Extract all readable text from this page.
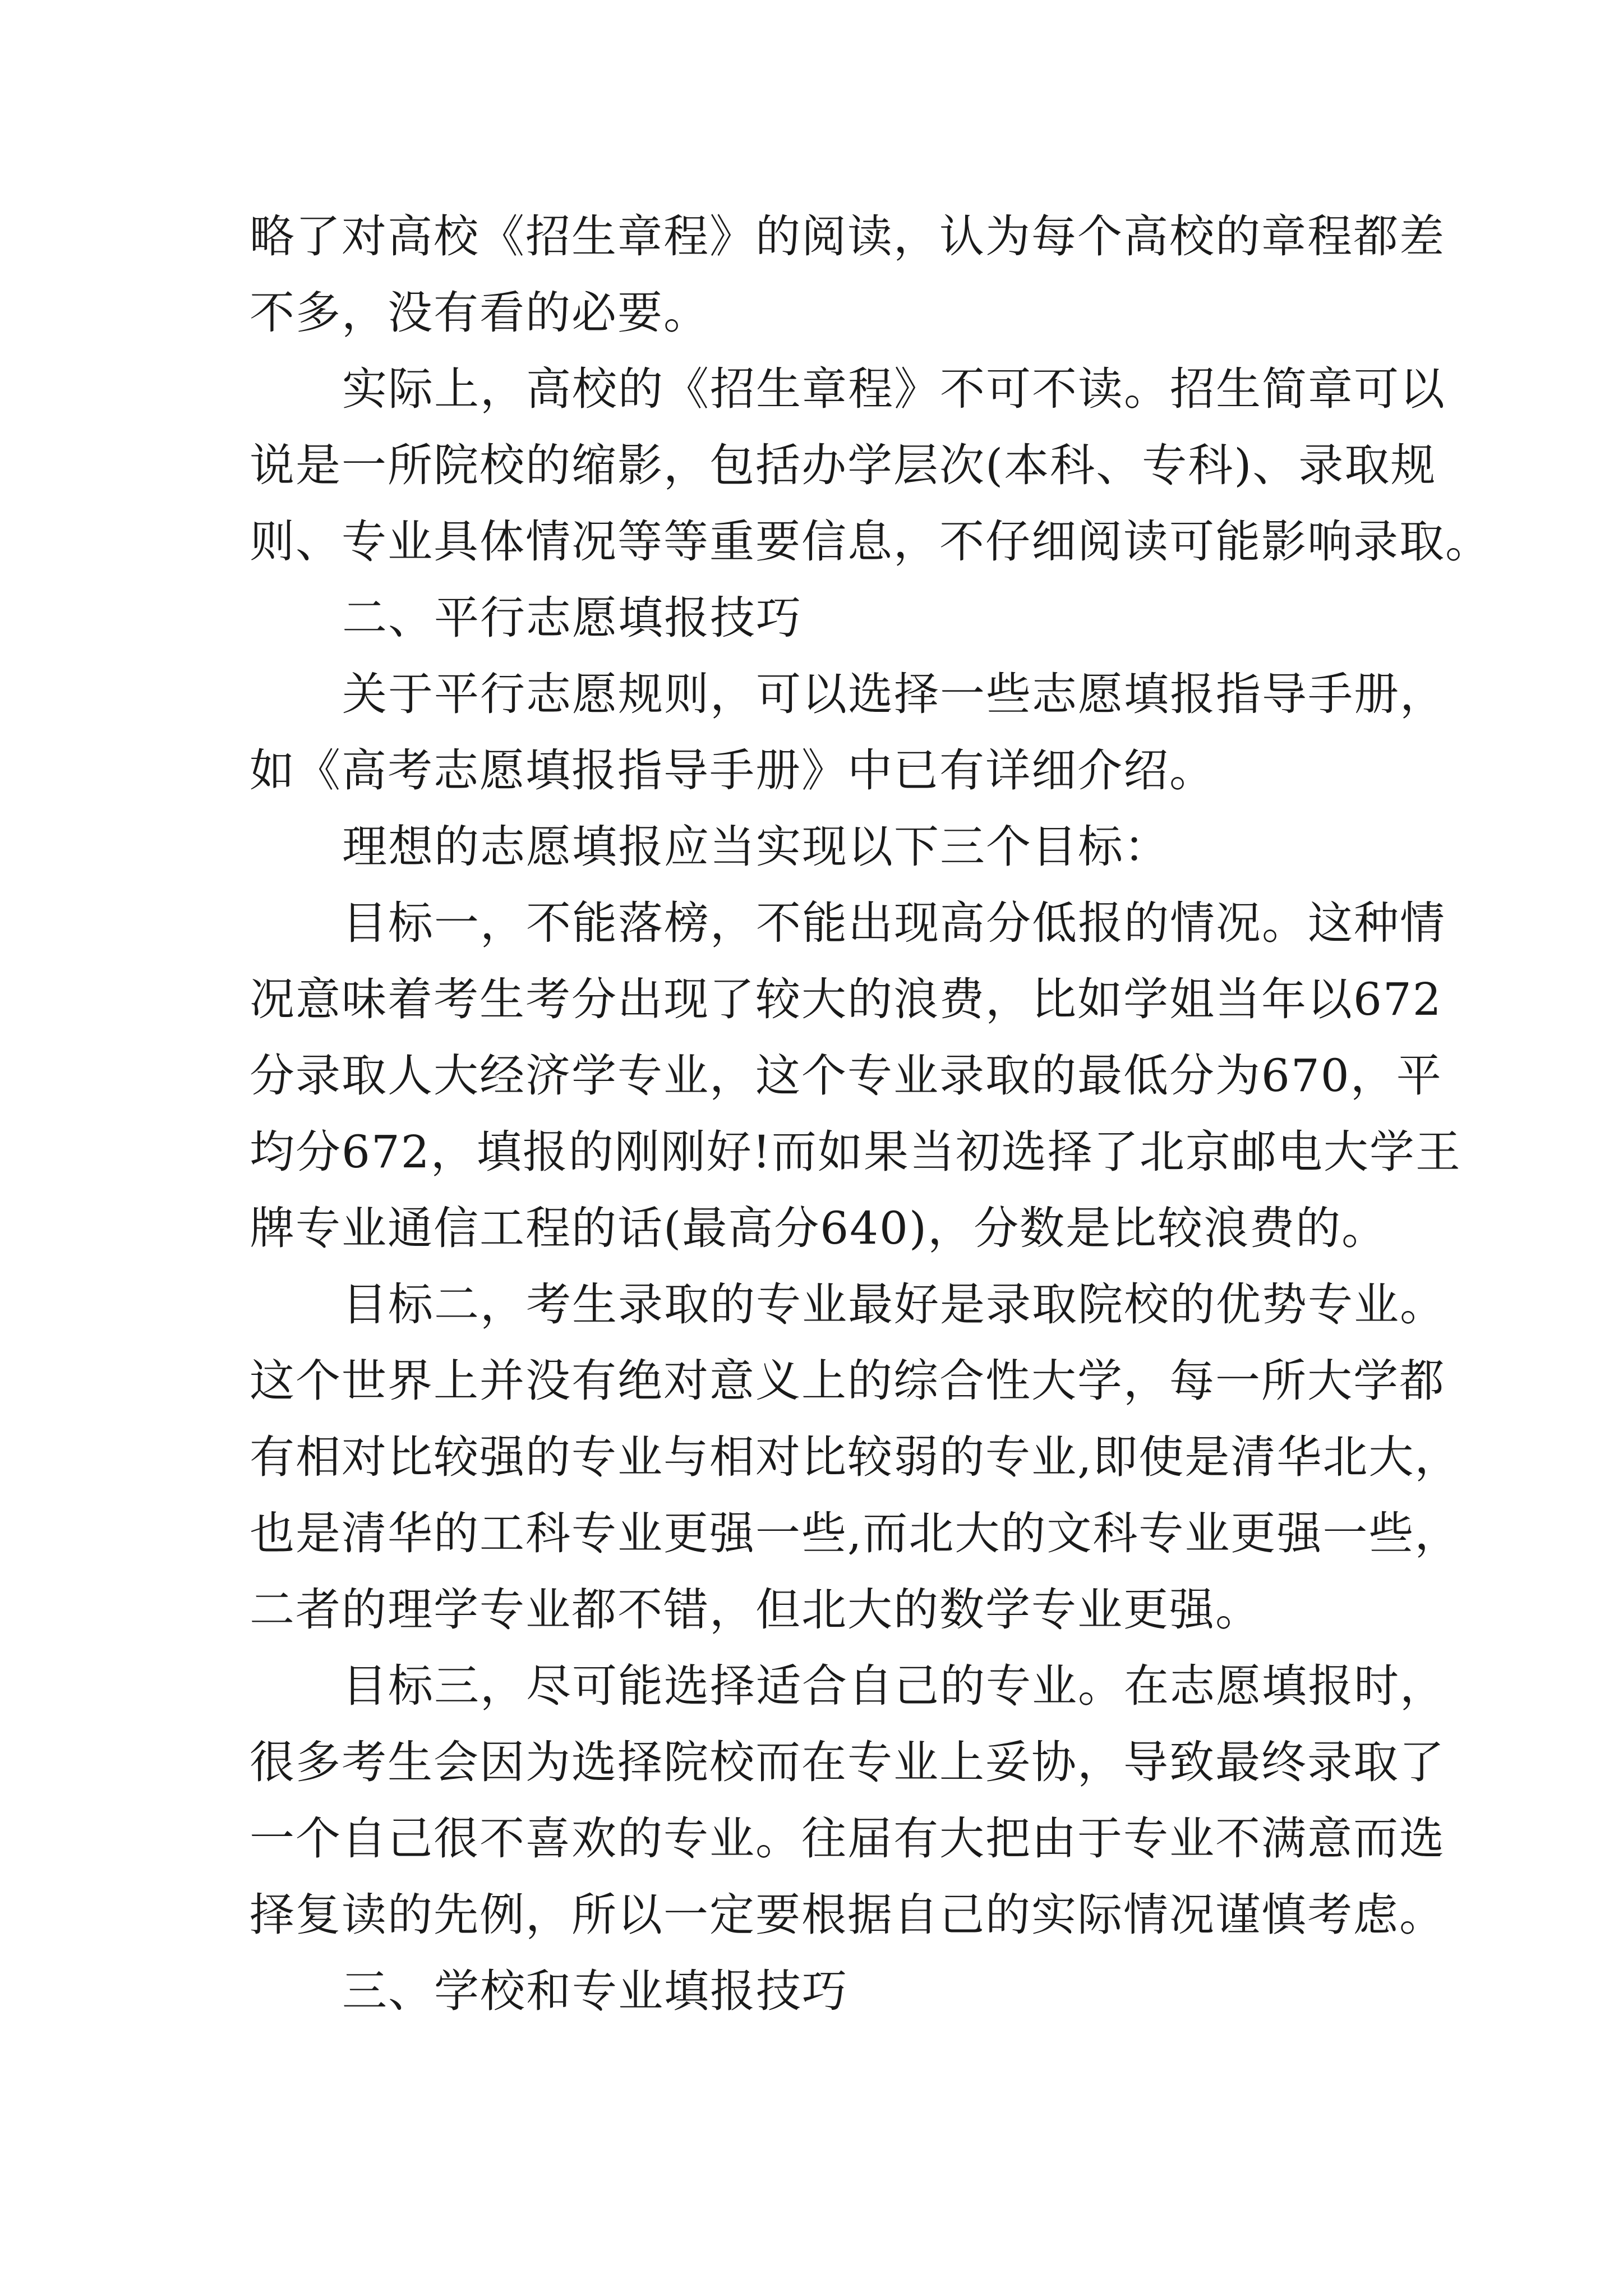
略了对高校《招生章程》的阅读，认为每个高校的章程都差
不多，没有看的必要。
实际上，高校的《招生章程》不可不读。招生简章可以
说是一所院校的缩影，包括办学层次(本科、专科)、录取规
则、专业具体情况等等重要信息，不仔细阅读可能影响录取。
二、平行志愿填报技巧
关于平行志愿规则，可以选择一些志愿填报指导手册，
如《高考志愿填报指导手册》中已有详细介绍。
理想的志愿填报应当实现以下三个目标：
目标一，不能落榜，不能出现高分低报的情况。这种情
况意味着考生考分出现了较大的浪费，比如学姐当年以672
分录取人大经济学专业，这个专业录取的最低分为670，平
均分672，填报的刚刚好!而如果当初选择了北京邮电大学王
牌专业通信工程的话(最高分640)，分数是比较浪费的。
目标二，考生录取的专业最好是录取院校的优势专业。
这个世界上并没有绝对意义上的综合性大学，每一所大学都
有相对比较强的专业与相对比较弱的专业,即使是清华北大，
也是清华的工科专业更强一些,而北大的文科专业更强一些，
二者的理学专业都不错，但北大的数学专业更强。
目标三，尽可能选择适合自己的专业。在志愿填报时，
很多考生会因为选择院校而在专业上妥协，导致最终录取了
一个自己很不喜欢的专业。往届有大把由于专业不满意而选
择复读的先例，所以一定要根据自己的实际情况谨慎考虑。
三、学校和专业填报技巧
